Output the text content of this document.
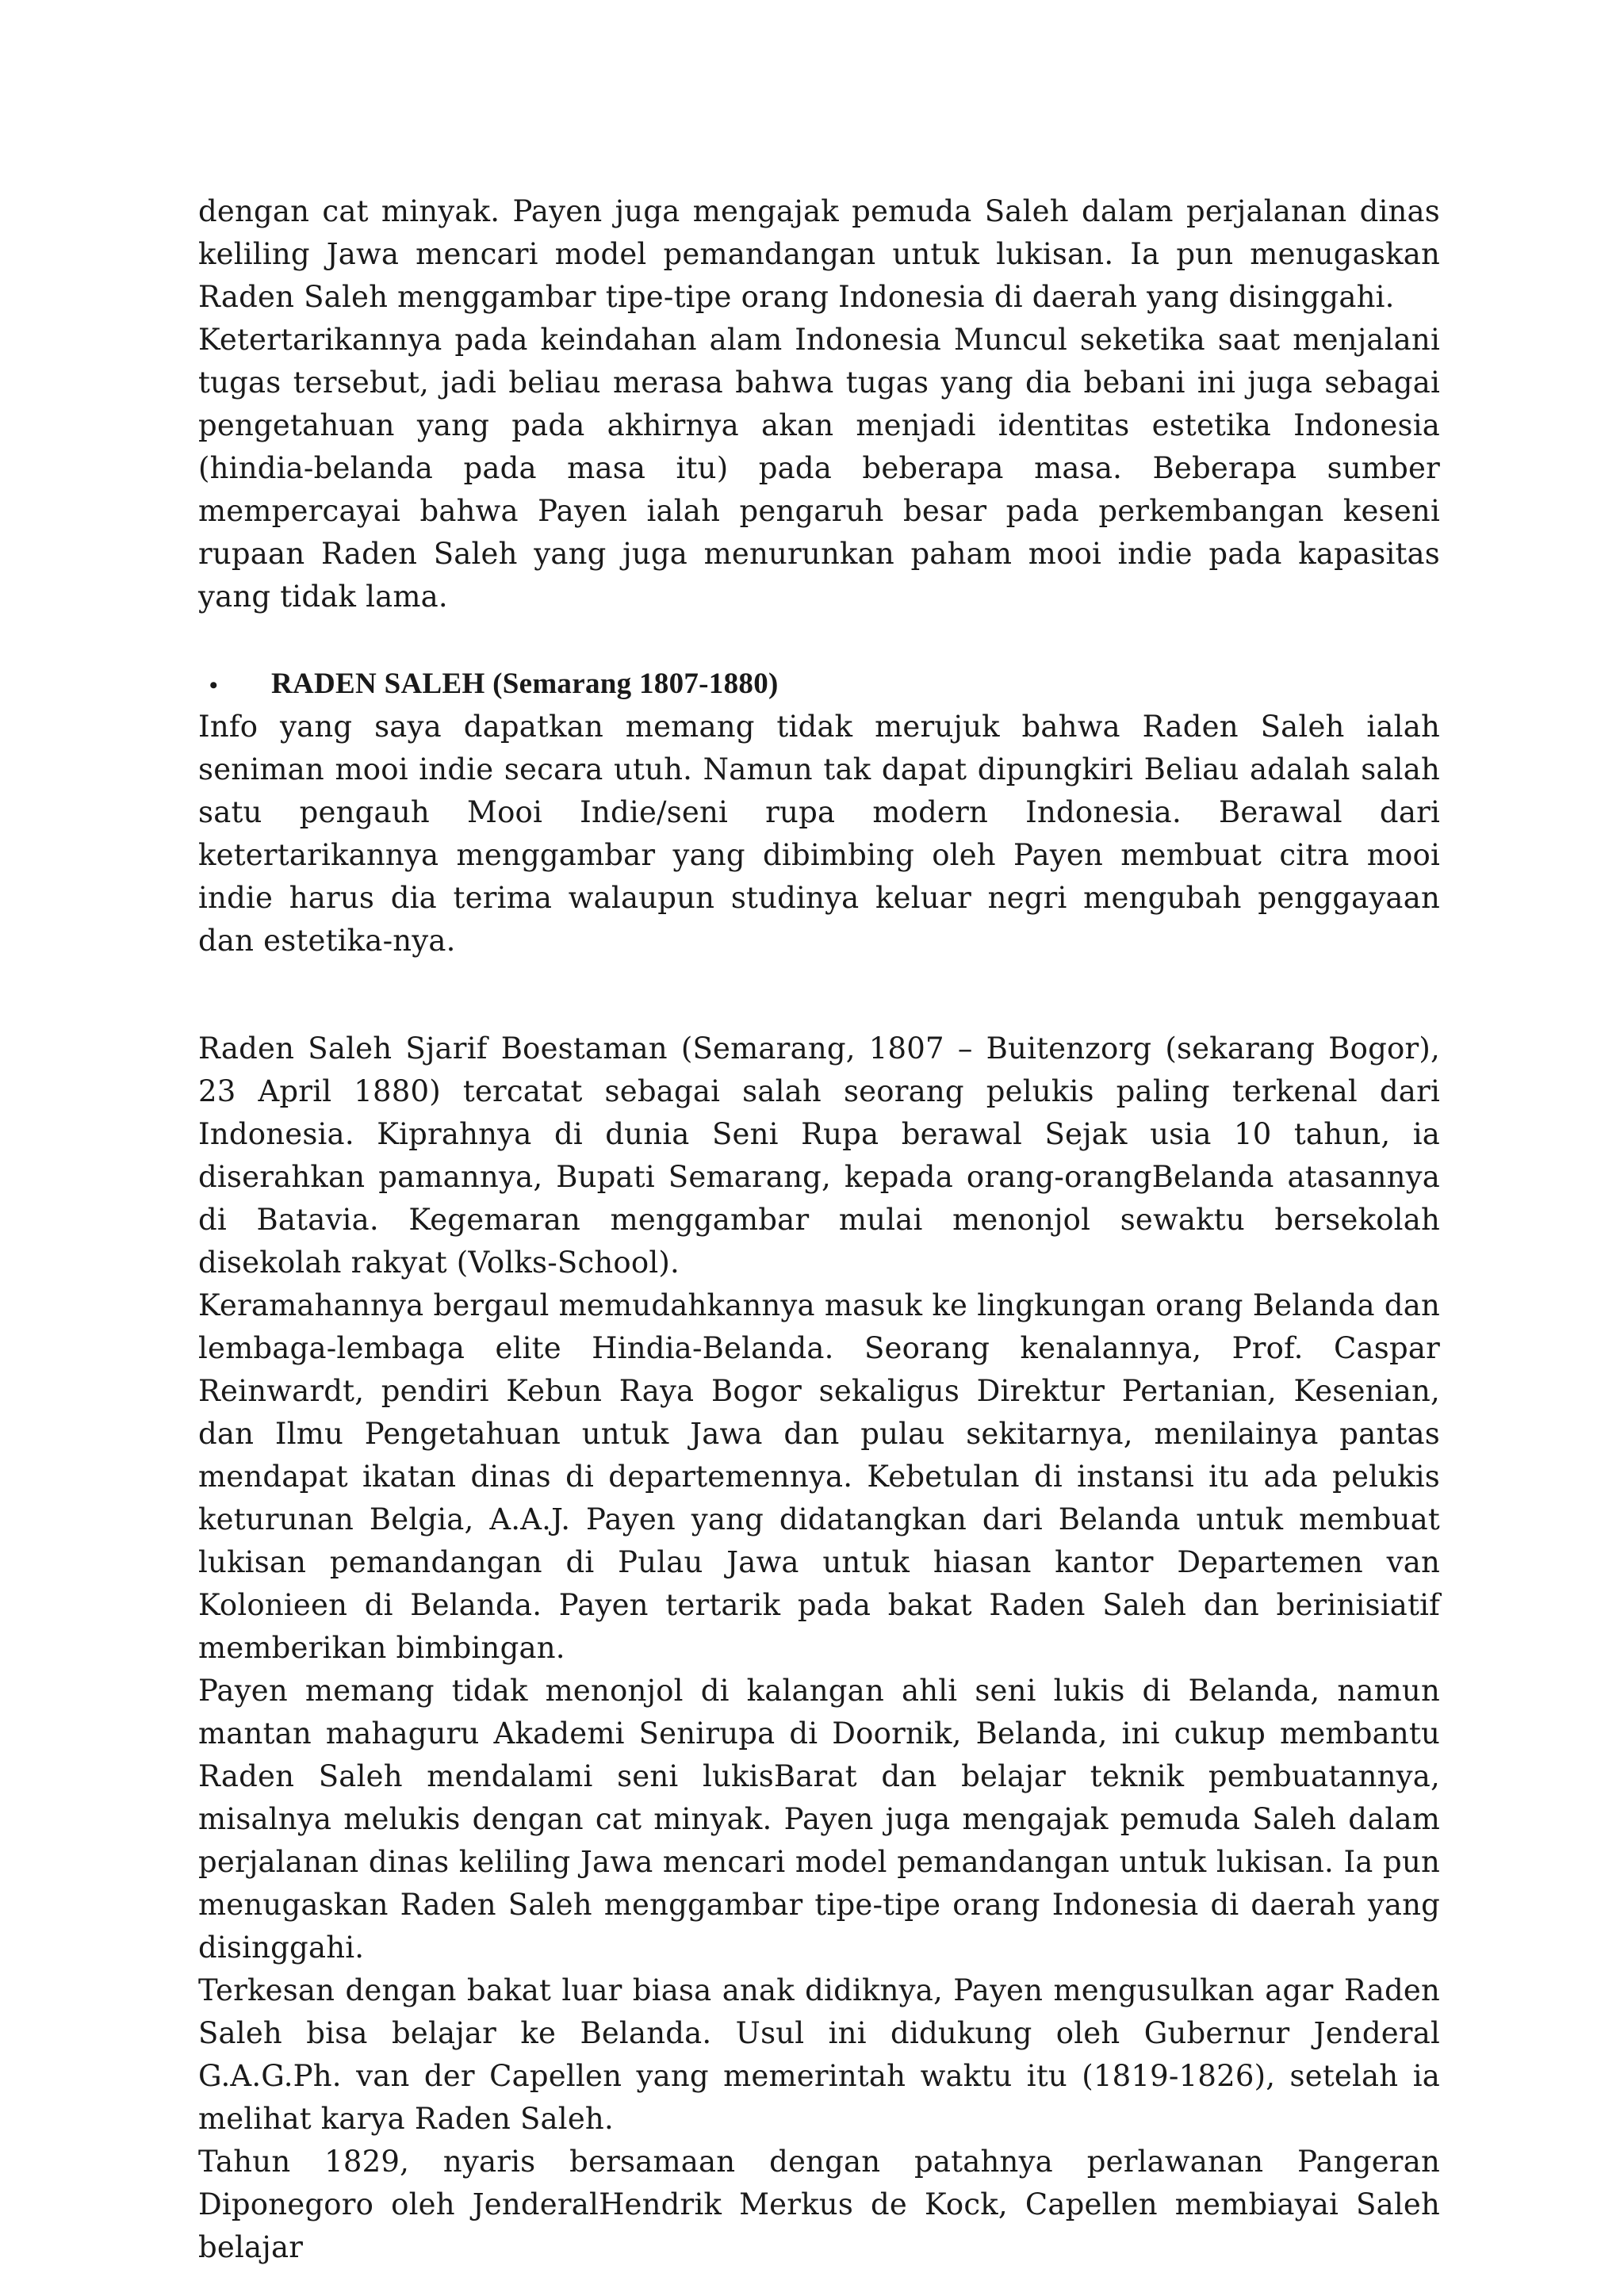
dengan cat minyak. Payen juga mengajak pemuda Saleh dalam perjalanan dinas keliling Jawa mencari model pemandangan untuk lukisan. Ia pun menugaskan Raden Saleh menggambar tipe-tipe orang Indonesia di daerah yang disinggahi.

Ketertarikannya pada keindahan alam Indonesia Muncul seketika saat menjalani tugas tersebut, jadi beliau merasa bahwa tugas yang dia bebani ini juga sebagai pengetahuan yang pada akhirnya akan menjadi identitas estetika Indonesia (hindia-belanda pada masa itu) pada beberapa masa. Beberapa sumber mempercayai bahwa Payen ialah pengaruh besar pada perkembangan keseni rupaan Raden Saleh yang juga menurunkan paham mooi indie pada kapasitas yang tidak lama.

•	RADEN SALEH (Semarang 1807-1880)

Info yang saya dapatkan memang tidak merujuk bahwa Raden Saleh ialah seniman mooi indie secara utuh. Namun tak dapat dipungkiri Beliau adalah salah satu pengauh Mooi Indie/seni rupa modern Indonesia. Berawal dari ketertarikannya menggambar yang dibimbing oleh Payen membuat citra mooi indie harus dia terima walaupun studinya keluar negri mengubah penggayaan dan estetika-nya.

Raden Saleh Sjarif Boestaman (Semarang, 1807 – Buitenzorg (sekarang Bogor), 23 April 1880) tercatat sebagai salah seorang pelukis paling terkenal dari Indonesia. Kiprahnya di dunia Seni Rupa berawal Sejak usia 10 tahun, ia diserahkan pamannya, Bupati Semarang, kepada orang-orangBelanda atasannya di Batavia. Kegemaran menggambar mulai menonjol sewaktu bersekolah disekolah rakyat (Volks-School).

Keramahannya bergaul memudahkannya masuk ke lingkungan orang Belanda dan lembaga-lembaga elite Hindia-Belanda. Seorang kenalannya, Prof. Caspar Reinwardt, pendiri Kebun Raya Bogor sekaligus Direktur Pertanian, Kesenian, dan Ilmu Pengetahuan untuk Jawa dan pulau sekitarnya, menilainya pantas mendapat ikatan dinas di departemennya. Kebetulan di instansi itu ada pelukis keturunan Belgia, A.A.J. Payen yang didatangkan dari Belanda untuk membuat lukisan pemandangan di Pulau Jawa untuk hiasan kantor Departemen van Kolonieen di Belanda. Payen tertarik pada bakat Raden Saleh dan berinisiatif memberikan bimbingan.

Payen memang tidak menonjol di kalangan ahli seni lukis di Belanda, namun mantan mahaguru Akademi Senirupa di Doornik, Belanda, ini cukup membantu Raden Saleh mendalami seni lukisBarat dan belajar teknik pembuatannya, misalnya melukis dengan cat minyak. Payen juga mengajak pemuda Saleh dalam perjalanan dinas keliling Jawa mencari model pemandangan untuk lukisan. Ia pun menugaskan Raden Saleh menggambar tipe-tipe orang Indonesia di daerah yang disinggahi.

Terkesan dengan bakat luar biasa anak didiknya, Payen mengusulkan agar Raden Saleh bisa belajar ke Belanda. Usul ini didukung oleh Gubernur Jenderal G.A.G.Ph. van der Capellen yang memerintah waktu itu (1819-1826), setelah ia melihat karya Raden Saleh.

Tahun 1829, nyaris bersamaan dengan patahnya perlawanan Pangeran Diponegoro oleh JenderalHendrik Merkus de Kock, Capellen membiayai Saleh belajar
